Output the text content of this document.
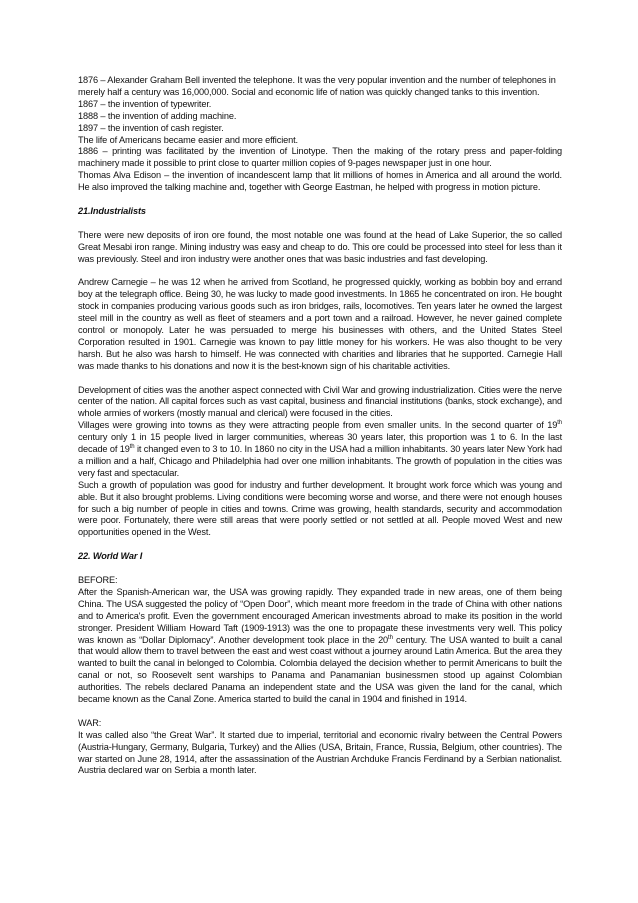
1876 – Alexander Graham Bell invented the telephone. It was the very popular invention and the number of telephones in merely half a century was 16,000,000. Social and economic life of nation was quickly changed tanks to this invention.

1867 – the invention of typewriter.

1888 – the invention of adding machine.

1897 – the invention of cash register.

The life of Americans became easier and more efficient.

1886 – printing was facilitated by the invention of Linotype. Then the making of the rotary press and paper-folding machinery made it possible to print close to quarter million copies of 9-pages newspaper just in one hour.

Thomas Alva Edison – the invention of incandescent lamp that lit millions of homes in America and all around the world. He also improved the talking machine and, together with George Eastman, he helped with progress in motion picture.

21.Industrialists

There were new deposits of iron ore found, the most notable one was found at the head of Lake Superior, the so called Great Mesabi iron range. Mining industry was easy and cheap to do. This ore could be processed into steel for less than it was previously. Steel and iron industry were another ones that was basic industries and fast developing.

Andrew Carnegie – he was 12 when he arrived from Scotland, he progressed quickly, working as bobbin boy and errand boy at the telegraph office. Being 30, he was lucky to made good investments. In 1865 he concentrated on iron. He bought stock in companies producing various goods such as iron bridges, rails, locomotives. Ten years later he owned the largest steel mill in the country as well as fleet of steamers and a port town and a railroad. However, he never gained complete control or monopoly. Later he was persuaded to merge his businesses with others, and the United States Steel Corporation resulted in 1901. Carnegie was known to pay little money for his workers. He was also thought to be very harsh. But he also was harsh to himself. He was connected with charities and libraries that he supported. Carnegie Hall was made thanks to his donations and now it is the best-known sign of his charitable activities.

Development of cities was the another aspect connected with Civil War and growing industrialization. Cities were the nerve center of the nation. All capital forces such as vast capital, business and financial institutions (banks, stock exchange), and whole armies of workers (mostly manual and clerical) were focused in the cities.

Villages were growing into towns as they were attracting people from even smaller units. In the second quarter of 19th century only 1 in 15 people lived in larger communities, whereas 30 years later, this proportion was 1 to 6. In the last decade of 19th it changed even to 3 to 10. In 1860 no city in the USA had a million inhabitants. 30 years later New York had a million and a half, Chicago and Philadelphia had over one million inhabitants. The growth of population in the cities was very fast and spectacular.

Such a growth of population was good for industry and further development. It brought work force which was young and able. But it also brought problems. Living conditions were becoming worse and worse, and there were not enough houses for such a big number of people in cities and towns. Crime was growing, health standards, security and accommodation were poor. Fortunately, there were still areas that were poorly settled or not settled at all. People moved West and new opportunities opened in the West.

22. World War I

BEFORE:

After the Spanish-American war, the USA was growing rapidly. They expanded trade in new areas, one of them being China. The USA suggested the policy of “Open Door”, which meant more freedom in the trade of China with other nations and to America's profit. Even the government encouraged American investments abroad to make its position in the world stronger. President William Howard Taft (1909-1913) was the one to propagate these investments very well. This policy was known as “Dollar Diplomacy”. Another development took place in the 20th century. The USA wanted to built a canal that would allow them to travel between the east and west coast without a journey around Latin America. But the area they wanted to built the canal in belonged to Colombia. Colombia delayed the decision whether to permit Americans to built the canal or not, so Roosevelt sent warships to Panama and Panamanian businessmen stood up against Colombian authorities. The rebels declared Panama an independent state and the USA was given the land for the canal, which became known as the Canal Zone. America started to build the canal in 1904 and finished in 1914.

WAR:

It was called also “the Great War”. It started due to imperial, territorial and economic rivalry between the Central Powers (Austria-Hungary, Germany, Bulgaria, Turkey) and the Allies (USA, Britain, France, Russia, Belgium, other countries). The war started on June 28, 1914, after the assassination of the Austrian Archduke Francis Ferdinand by a Serbian nationalist. Austria declared war on Serbia a month later.
